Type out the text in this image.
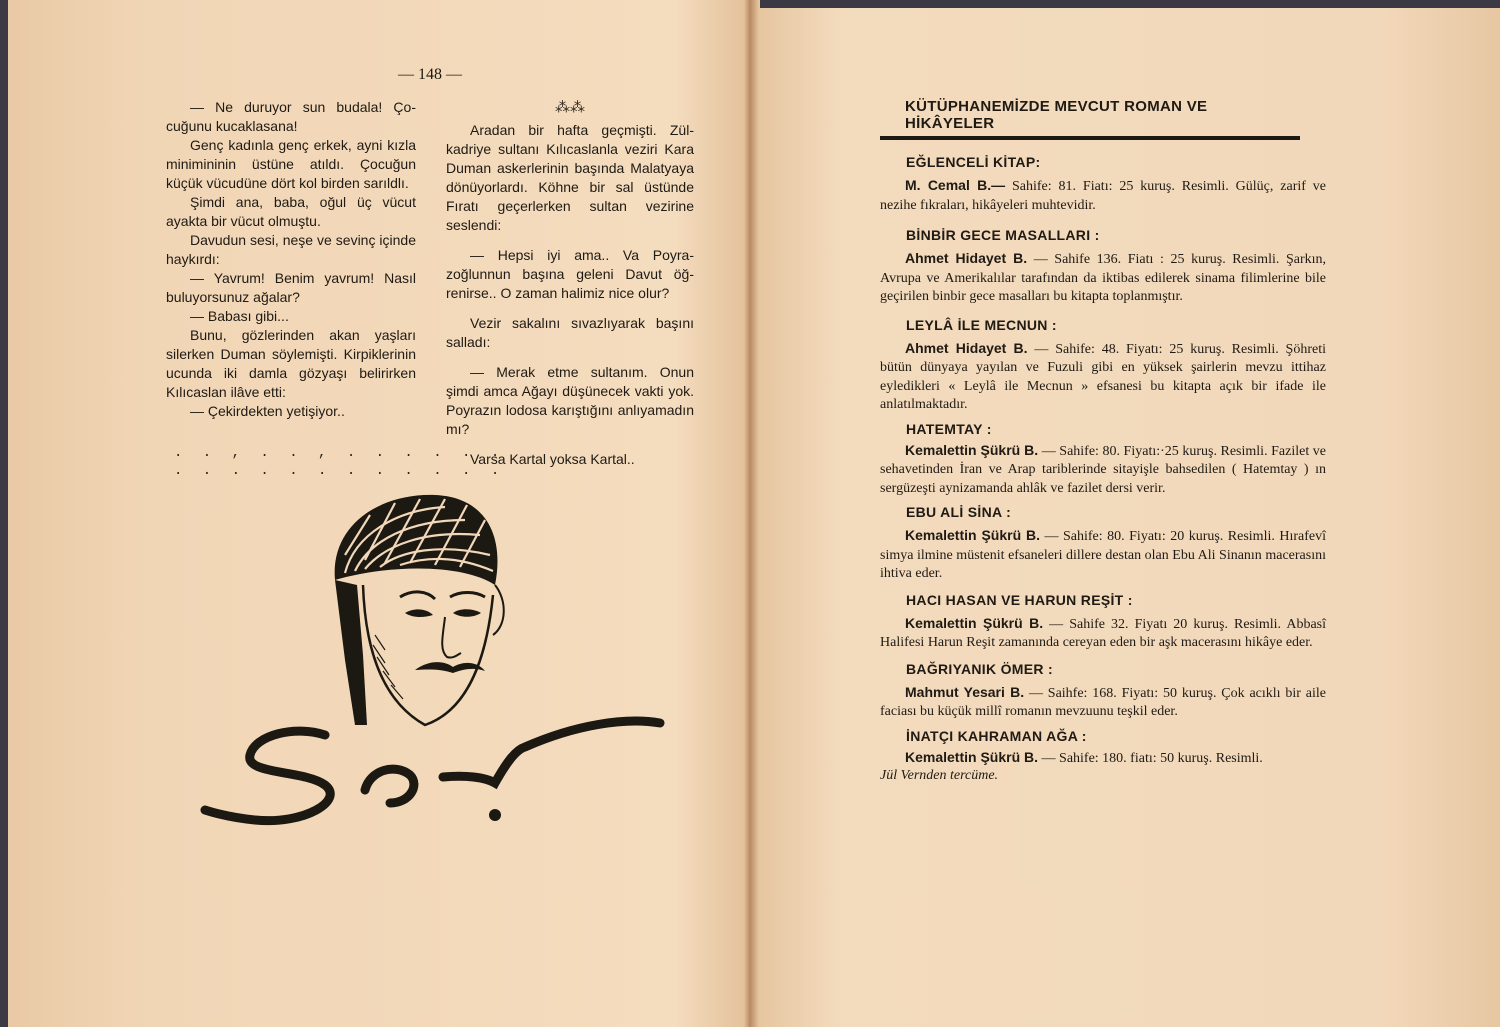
— 148 —

— Ne duruyor sun budala! Çocuğunu kucaklasana!

Genç kadınla genç erkek, ayni kızla minimininin üstüne atıldı. Çocuğun küçük vücudüne dört kol birden sarıldlı.

Şimdi ana, baba, oğul üç vücut ayakta bir vücut olmuştu.

Davudun sesi, neşe ve sevinç içinde haykırdı:

— Yavrum! Benim yavrum! Nasıl buluyorsunuz ağalar?

— Babası gibi...

Bunu, gözlerinden akan yaşları silerken Duman söylemişti. Kirpiklerinin ucunda iki damla gözyaşı belirirken Kılıcaslan ilâve etti:

— Çekirdekten yetişiyor..

. . , . . , . . . . . .
. . . . . . . . . . . .

⁂⁂

Aradan bir hafta geçmişti. Zülkadriye sultanı Kılıcaslanla veziri Kara Duman askerlerinin başında Malatyaya dönüyorlardı. Köhne bir sal üstünde Fıratı geçerlerken sultan vezirine seslendi:

— Hepsi iyi ama.. Va Poyrazoğlunnun başına geleni Davut öğrenirse.. O zaman halimiz nice olur?

Vezir sakalını sıvazlıyarak başını salladı:

— Merak etme sultanım. Onun şimdi amca Ağayı düşünecek vakti yok. Poyrazın lodosa karıştığını anlıyamadın mı?

Varsa Kartal yoksa Kartal..

KÜTÜPHANEMİZDE MEVCUT ROMAN VE HİKÂYELER
EĞLENCELİ KİTAP:

M. Cemal B.— Sahife: 81. Fiatı: 25 kuruş. Resimli. Gülüç, zarif ve nezihe fıkraları, hikâyeleri muhtevidir.

BİNBİR GECE MASALLARI :

Ahmet Hidayet B. — Sahife 136. Fiatı : 25 kuruş. Resimli. Şarkın, Avrupa ve Amerikalılar tarafından da iktibas edilerek sinama filimlerine bile geçirilen binbir gece masalları bu kitapta toplanmıştır.

LEYLÂ İLE MECNUN :

Ahmet Hidayet B. — Sahife: 48. Fiyatı: 25 kuruş. Resimli. Şöhreti bütün dünyaya yayılan ve Fuzuli gibi en yüksek şairlerin mevzu ittihaz eyledikleri « Leylâ ile Mecnun » efsanesi bu kitapta açık bir ifade ile anlatılmaktadır.

HATEMTAY :

Kemalettin Şükrü B. — Sahife: 80. Fiyatı:·25 kuruş. Resimli. Fazilet ve sehavetinden İran ve Arap tariblerinde sitayişle bahsedilen ( Hatemtay ) ın sergüzeşti aynizamanda ahlâk ve fazilet dersi verir.

EBU ALİ SİNA :

Kemalettin Şükrü B. — Sahife: 80. Fiyatı: 20 kuruş. Resimli. Hırafevî simya ilmine müstenit efsaneleri dillere destan olan Ebu Ali Sinanın macerasını ihtiva eder.

HACI HASAN VE HARUN REŞİT :

Kemalettin Şükrü B. — Sahife 32. Fiyatı 20 kuruş. Resimli. Abbasî Halifesi Harun Reşit zamanında cereyan eden bir aşk macerasını hikâye eder.

BAĞRIYANIK ÖMER :

Mahmut Yesari B. — Saihfe: 168. Fiyatı: 50 kuruş. Çok acıklı bir aile faciası bu küçük millî romanın mevzuunu teşkil eder.

İNATÇI KAHRAMAN AĞA :

Kemalettin Şükrü B. — Sahife: 180. fiatı: 50 kuruş. Resimli.

Jül Vernden tercüme.
